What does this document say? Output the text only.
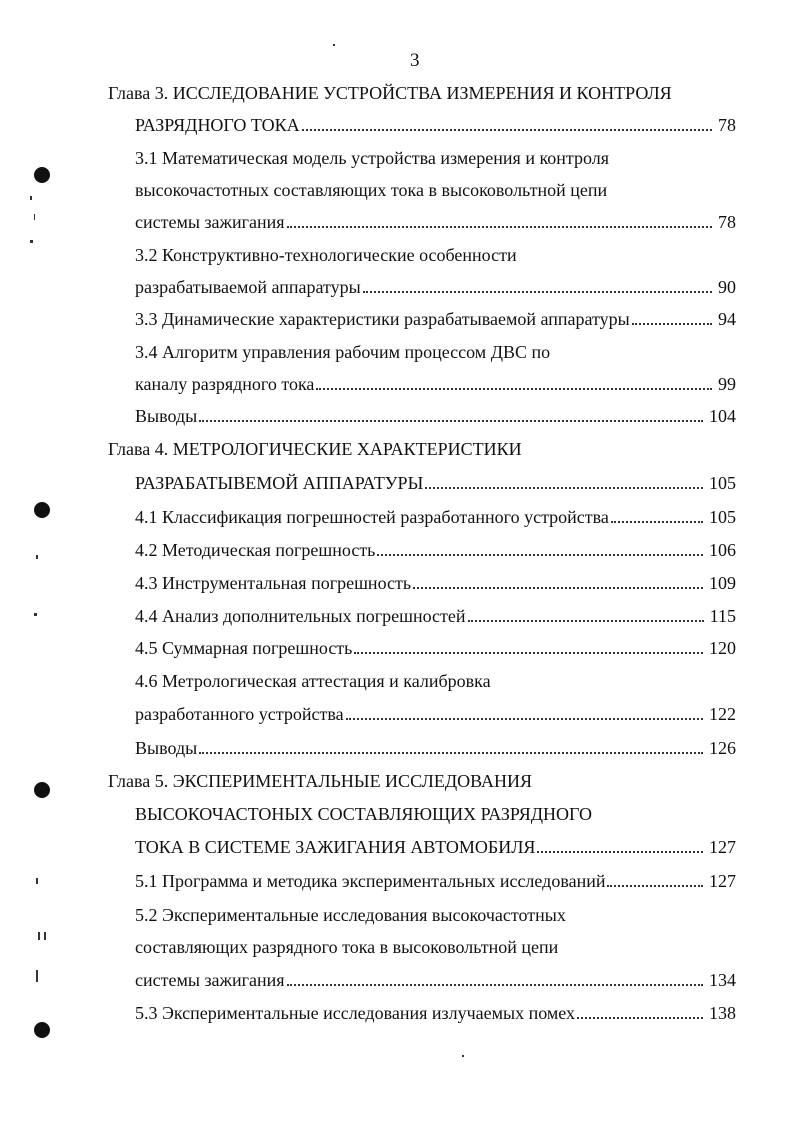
3
Глава 3. ИССЛЕДОВАНИЕ УСТРОЙСТВА ИЗМЕРЕНИЯ И КОНТРОЛЯ
РАЗРЯДНОГО ТОКА	78
3.1 Математическая модель устройства измерения и контроля
высокочастотных составляющих тока в высоковольтной цепи
системы зажигания	78
3.2 Конструктивно-технологические особенности
разрабатываемой аппаратуры	90
3.3 Динамические характеристики разрабатываемой аппаратуры	94
3.4 Алгоритм управления рабочим процессом ДВС по
каналу разрядного тока	99
Выводы	104
Глава 4. МЕТРОЛОГИЧЕСКИЕ ХАРАКТЕРИСТИКИ
РАЗРАБАТЫВЕМОЙ АППАРАТУРЫ	105
4.1 Классификация погрешностей разработанного устройства	105
4.2 Методическая погрешность	106
4.3 Инструментальная погрешность	109
4.4 Анализ дополнительных погрешностей	115
4.5 Суммарная погрешность	120
4.6 Метрологическая аттестация и калибровка
разработанного устройства	122
Выводы	126
Глава 5. ЭКСПЕРИМЕНТАЛЬНЫЕ ИССЛЕДОВАНИЯ
ВЫСОКОЧАСТОНЫХ СОСТАВЛЯЮЩИХ РАЗРЯДНОГО
ТОКА В СИСТЕМЕ ЗАЖИГАНИЯ АВТОМОБИЛЯ	127
5.1 Программа и методика экспериментальных исследований	127
5.2 Экспериментальные исследования высокочастотных
составляющих разрядного тока в высоковольтной цепи
системы зажигания	134
5.3 Экспериментальные исследования излучаемых помех	138
